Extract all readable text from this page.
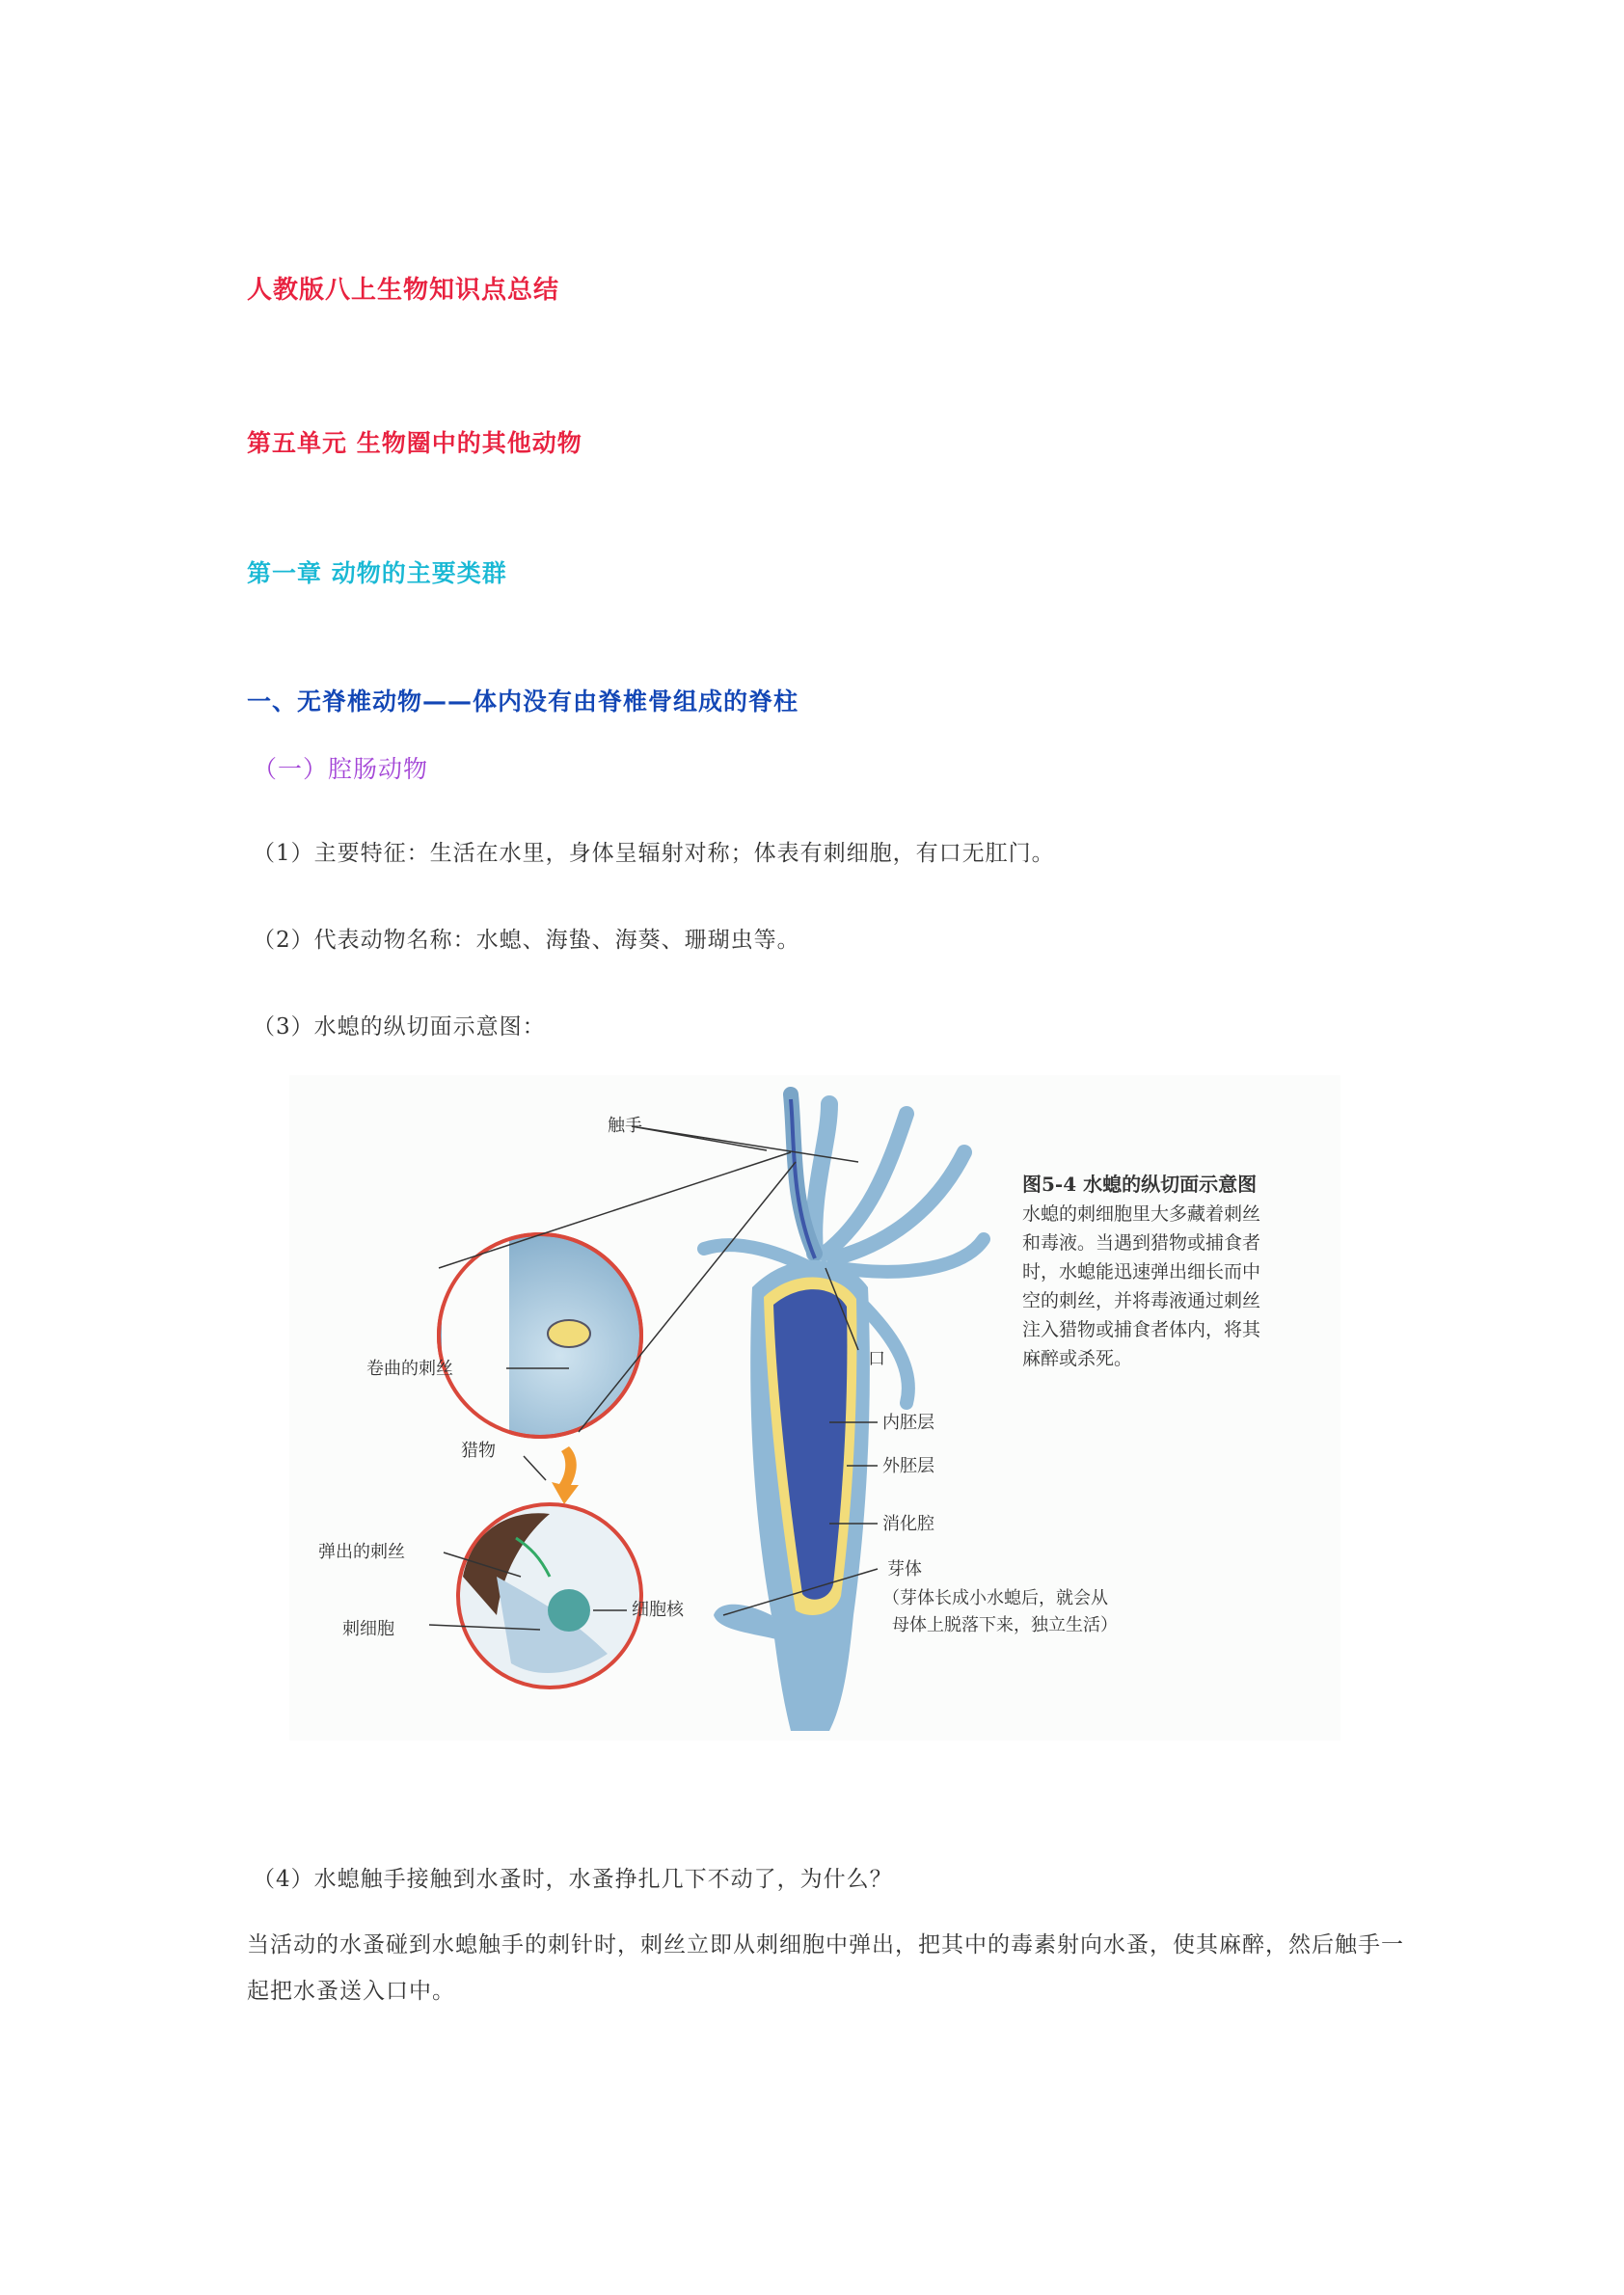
人教版八上生物知识点总结
第五单元 生物圈中的其他动物
第一章 动物的主要类群
一、无脊椎动物——体内没有由脊椎骨组成的脊柱
（一）腔肠动物
（1）主要特征：生活在水里，身体呈辐射对称；体表有刺细胞，有口无肛门。
（2）代表动物名称：水螅、海蛰、海葵、珊瑚虫等。
（3）水螅的纵切面示意图：
触手
卷曲的刺丝
猎物
弹出的刺丝
刺细胞
细胞核
口
内胚层
外胚层
消化腔
芽体
（芽体长成小水螅后，就会从
母体上脱落下来，独立生活）
图5-4 水螅的纵切面示意图
水螅的刺细胞里大多藏着刺丝
和毒液。当遇到猎物或捕食者
时，水螅能迅速弹出细长而中
空的刺丝，并将毒液通过刺丝
注入猎物或捕食者体内，将其
麻醉或杀死。
（4）水螅触手接触到水蚤时，水蚤挣扎几下不动了，为什么？
当活动的水蚤碰到水螅触手的刺针时，刺丝立即从刺细胞中弹出，把其中的毒素射向水蚤，使其麻醉，然后触手一起把水蚤送入口中。
